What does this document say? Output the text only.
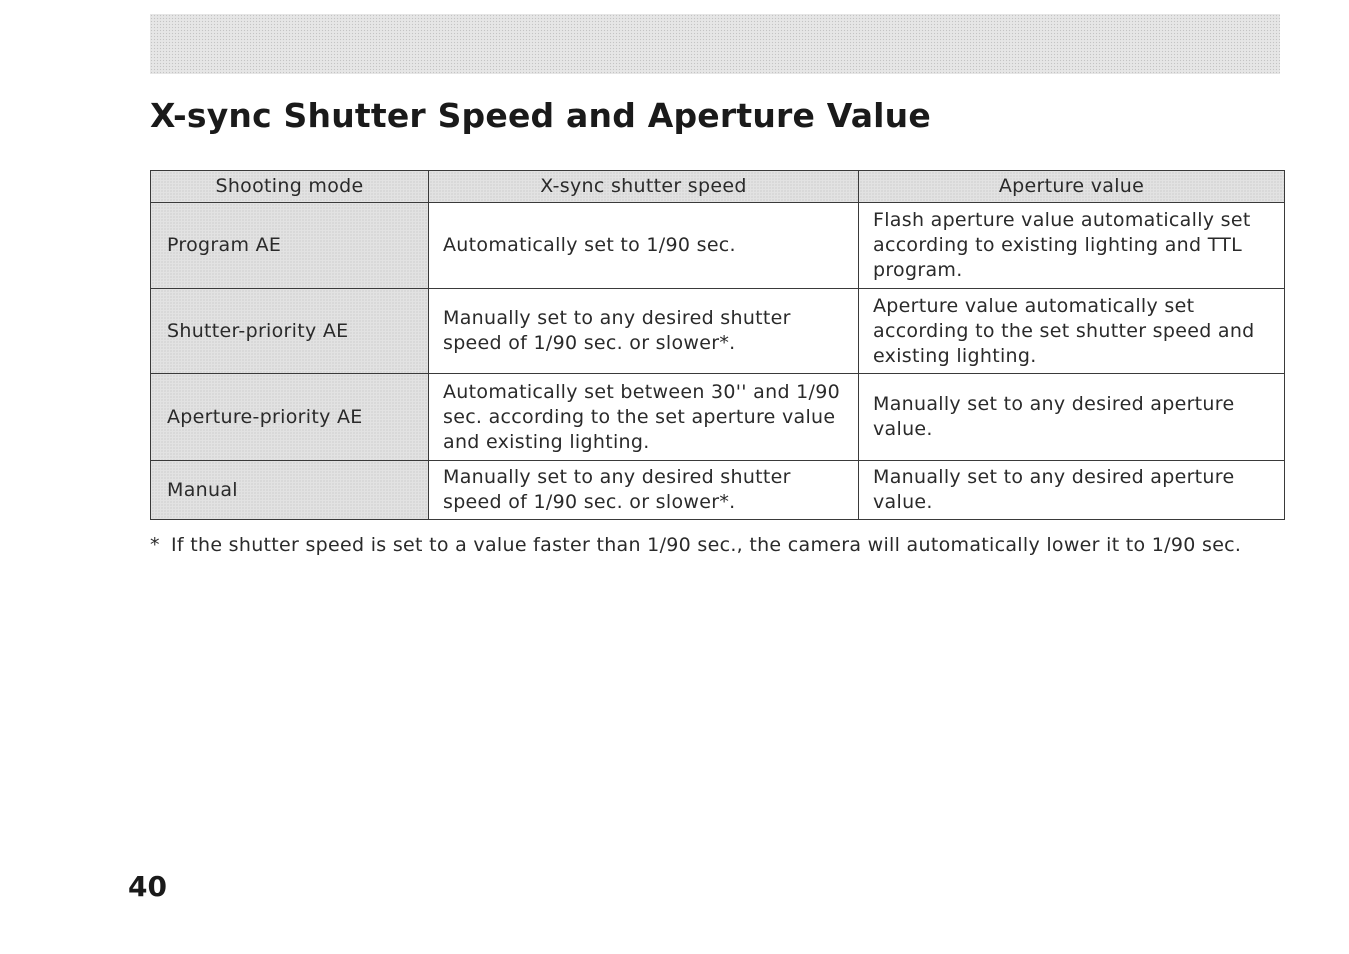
X-sync Shutter Speed and Aperture Value
Shooting mode	X-sync shutter speed	Aperture value
Program AE	Automatically set to 1/90 sec.	Flash aperture value automatically set according to existing lighting and TTL program.
Shutter-priority AE	Manually set to any desired shutter speed of 1/90 sec. or slower*.	Aperture value automatically set according to the set shutter speed and existing lighting.
Aperture-priority AE	Automatically set between 30'' and 1/90 sec. according to the set aperture value and existing lighting.	Manually set to any desired aperture value.
Manual	Manually set to any desired shutter speed of 1/90 sec. or slower*.	Manually set to any desired aperture value.
* If the shutter speed is set to a value faster than 1/90 sec., the camera will automatically lower it to 1/90 sec.
40
